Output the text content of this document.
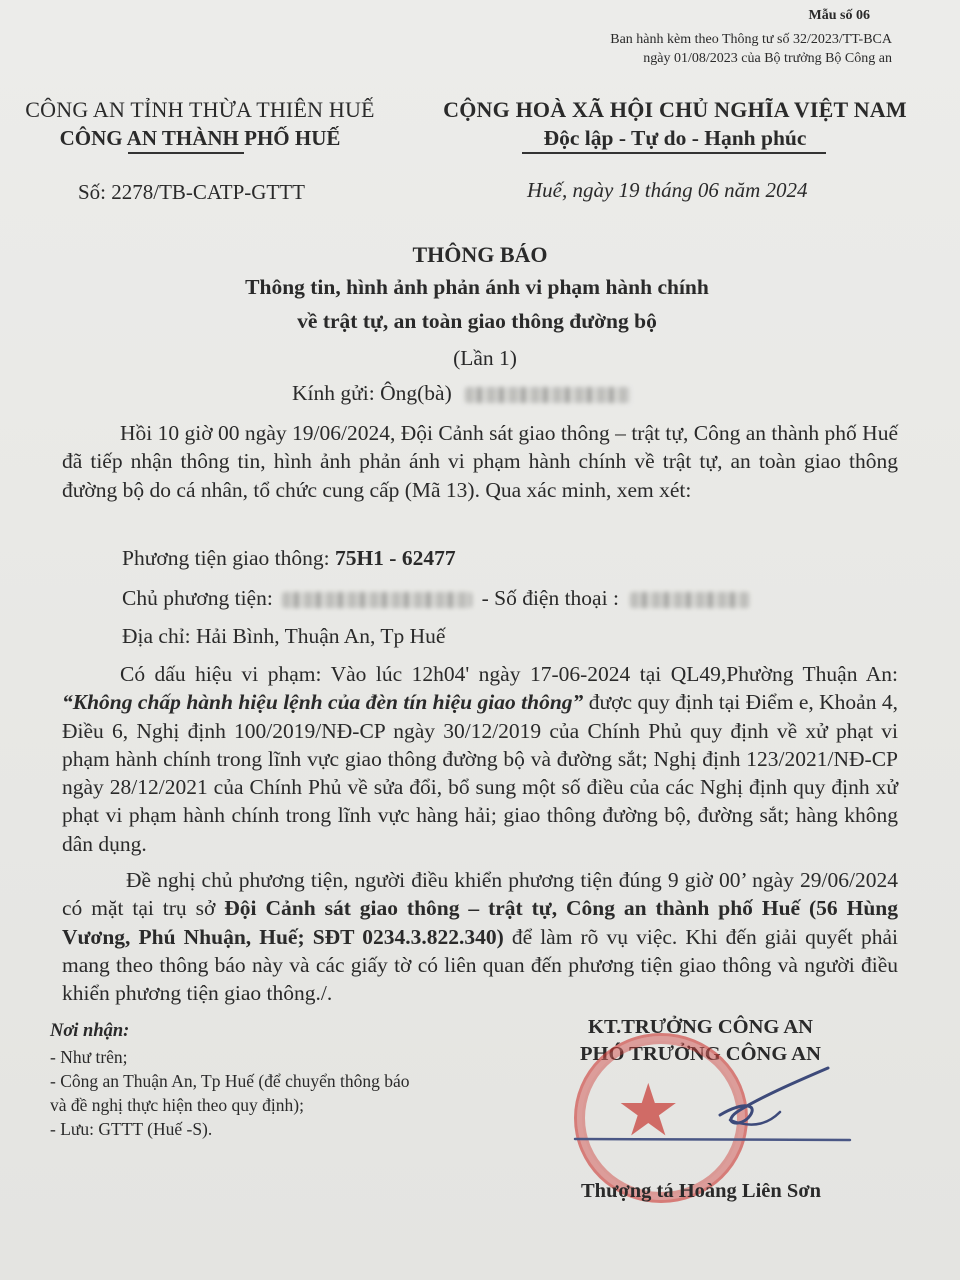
Mẫu số 06
Ban hành kèm theo Thông tư số 32/2023/TT-BCA
ngày 01/08/2023 của Bộ trưởng Bộ Công an
CÔNG AN TỈNH THỪA THIÊN HUẾ
CÔNG AN THÀNH PHỐ HUẾ
Số: 2278/TB-CATP-GTTT
CỘNG HOÀ XÃ HỘI CHỦ NGHĨA VIỆT NAM
Độc lập - Tự do - Hạnh phúc
Huế, ngày 19 tháng 06 năm 2024
THÔNG BÁO
Thông tin, hình ảnh phản ánh vi phạm hành chính
về trật tự, an toàn giao thông đường bộ
(Lần 1)
Kính gửi: Ông(bà)
Hồi 10 giờ 00 ngày 19/06/2024, Đội Cảnh sát giao thông – trật tự, Công an thành phố Huế đã tiếp nhận thông tin, hình ảnh phản ánh vi phạm hành chính về trật tự, an toàn giao thông đường bộ do cá nhân, tổ chức cung cấp (Mã 13). Qua xác minh, xem xét:
Phương tiện giao thông: 75H1 - 62477
Chủ phương tiện:	- Số điện thoại :
Địa chỉ: Hải Bình, Thuận An, Tp Huế
Có dấu hiệu vi phạm: Vào lúc 12h04' ngày 17-06-2024 tại QL49,Phường Thuận An: “Không chấp hành hiệu lệnh của đèn tín hiệu giao thông” được quy định tại Điểm e, Khoản 4, Điều 6, Nghị định 100/2019/NĐ-CP ngày 30/12/2019 của Chính Phủ quy định về xử phạt vi phạm hành chính trong lĩnh vực giao thông đường bộ và đường sắt; Nghị định 123/2021/NĐ-CP ngày 28/12/2021 của Chính Phủ về sửa đổi, bổ sung một số điều của các Nghị định quy định xử phạt vi phạm hành chính trong lĩnh vực hàng hải; giao thông đường bộ, đường sắt; hàng không dân dụng.
Đề nghị chủ phương tiện, người điều khiển phương tiện đúng 9 giờ 00’ ngày 29/06/2024 có mặt tại trụ sở Đội Cảnh sát giao thông – trật tự, Công an thành phố Huế (56 Hùng Vương, Phú Nhuận, Huế; SĐT 0234.3.822.340) để làm rõ vụ việc. Khi đến giải quyết phải mang theo thông báo này và các giấy tờ có liên quan đến phương tiện giao thông và người điều khiển phương tiện giao thông./.
Nơi nhận:
- Như trên;
- Công an Thuận An, Tp Huế (để chuyển thông báo
và đề nghị thực hiện theo quy định);
- Lưu: GTTT (Huế -S).
KT.TRƯỞNG CÔNG AN
PHÓ TRƯỞNG CÔNG AN
★
Thượng tá Hoàng Liên Sơn
